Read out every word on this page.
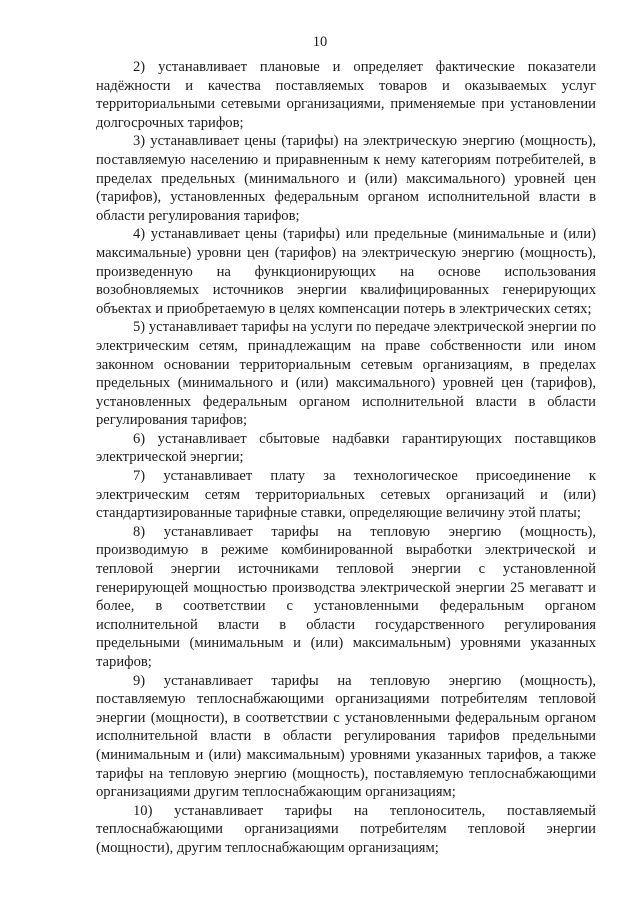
10

2) устанавливает плановые и определяет фактические показатели надёжности и качества поставляемых товаров и оказываемых услуг территориальными сетевыми организациями, применяемые при установлении долгосрочных тарифов;

3) устанавливает цены (тарифы) на электрическую энергию (мощность), поставляемую населению и приравненным к нему категориям потребителей, в пределах предельных (минимального и (или) максимального) уровней цен (тарифов), установленных федеральным органом исполнительной власти в области регулирования тарифов;

4) устанавливает цены (тарифы) или предельные (минимальные и (или) максимальные) уровни цен (тарифов) на электрическую энергию (мощность), произведенную на функционирующих на основе использования возобновляемых источников энергии квалифицированных генерирующих объектах и приобретаемую в целях компенсации потерь в электрических сетях;

5) устанавливает тарифы на услуги по передаче электрической энергии по электрическим сетям, принадлежащим на праве собственности или ином законном основании территориальным сетевым организациям, в пределах предельных (минимального и (или) максимального) уровней цен (тарифов), установленных федеральным органом исполнительной власти в области регулирования тарифов;

6) устанавливает сбытовые надбавки гарантирующих поставщиков электрической энергии;

7) устанавливает плату за технологическое присоединение к электрическим сетям территориальных сетевых организаций и (или) стандартизированные тарифные ставки, определяющие величину этой платы;

8) устанавливает тарифы на тепловую энергию (мощность), производимую в режиме комбинированной выработки электрической и тепловой энергии источниками тепловой энергии с установленной генерирующей мощностью производства электрической энергии 25 мегаватт и более, в соответствии с установленными федеральным органом исполнительной власти в области государственного регулирования предельными (минимальным и (или) максимальным) уровнями указанных тарифов;

9) устанавливает тарифы на тепловую энергию (мощность), поставляемую теплоснабжающими организациями потребителям тепловой энергии (мощности), в соответствии с установленными федеральным органом исполнительной власти в области регулирования тарифов предельными (минимальным и (или) максимальным) уровнями указанных тарифов, а также тарифы на тепловую энергию (мощность), поставляемую теплоснабжающими организациями другим теплоснабжающим организациям;

10) устанавливает тарифы на теплоноситель, поставляемый теплоснабжающими организациями потребителям тепловой энергии (мощности), другим теплоснабжающим организациям;
